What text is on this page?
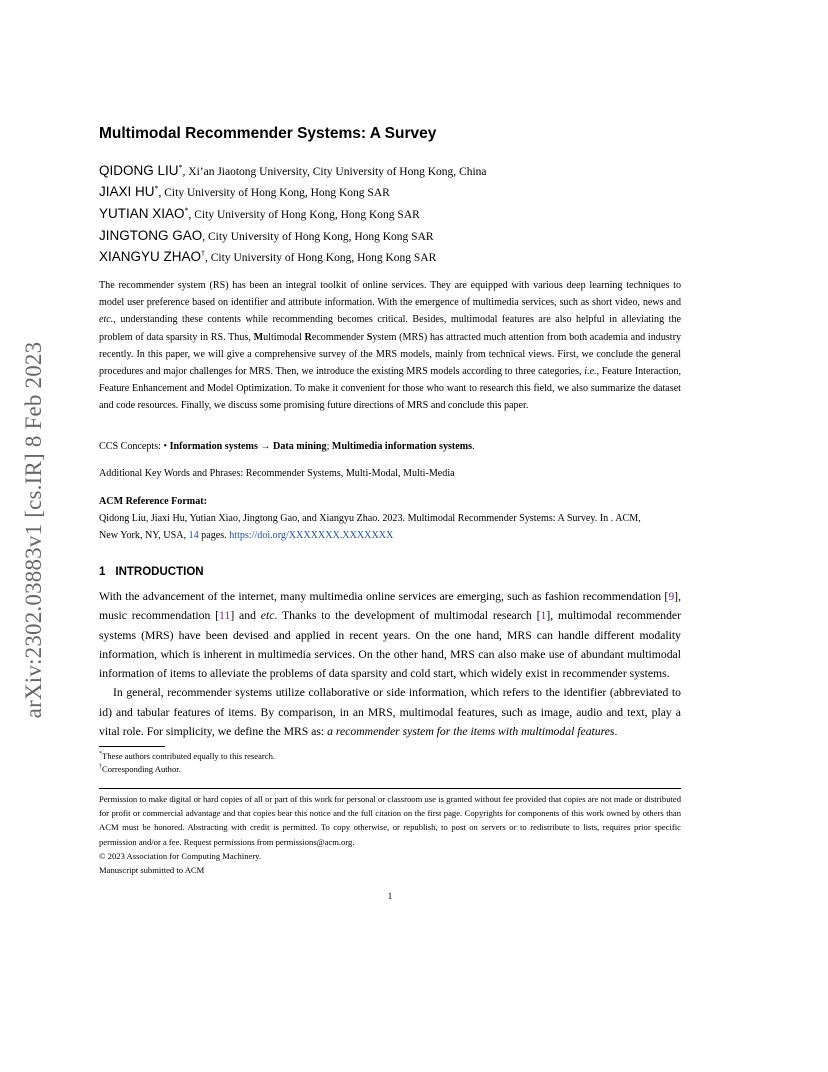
arXiv:2302.03883v1 [cs.IR] 8 Feb 2023
Multimodal Recommender Systems: A Survey
QIDONG LIU*, Xi’an Jiaotong University, City University of Hong Kong, China
JIAXI HU*, City University of Hong Kong, Hong Kong SAR
YUTIAN XIAO*, City University of Hong Kong, Hong Kong SAR
JINGTONG GAO, City University of Hong Kong, Hong Kong SAR
XIANGYU ZHAO†, City University of Hong Kong, Hong Kong SAR
The recommender system (RS) has been an integral toolkit of online services. They are equipped with various deep learning techniques to model user preference based on identifier and attribute information. With the emergence of multimedia services, such as short video, news and etc., understanding these contents while recommending becomes critical. Besides, multimodal features are also helpful in alleviating the problem of data sparsity in RS. Thus, Multimodal Recommender System (MRS) has attracted much attention from both academia and industry recently. In this paper, we will give a comprehensive survey of the MRS models, mainly from technical views. First, we conclude the general procedures and major challenges for MRS. Then, we introduce the existing MRS models according to three categories, i.e., Feature Interaction, Feature Enhancement and Model Optimization. To make it convenient for those who want to research this field, we also summarize the dataset and code resources. Finally, we discuss some promising future directions of MRS and conclude this paper.
CCS Concepts: • Information systems → Data mining; Multimedia information systems.
Additional Key Words and Phrases: Recommender Systems, Multi-Modal, Multi-Media
ACM Reference Format:
Qidong Liu, Jiaxi Hu, Yutian Xiao, Jingtong Gao, and Xiangyu Zhao. 2023. Multimodal Recommender Systems: A Survey. In . ACM,
New York, NY, USA, 14 pages. https://doi.org/XXXXXXX.XXXXXXX
1 INTRODUCTION

With the advancement of the internet, many multimedia online services are emerging, such as fashion recommendation [9], music recommendation [11] and etc. Thanks to the development of multimodal research [1], multimodal recommender systems (MRS) have been devised and applied in recent years. On the one hand, MRS can handle different modality information, which is inherent in multimedia services. On the other hand, MRS can also make use of abundant multimodal information of items to alleviate the problems of data sparsity and cold start, which widely exist in recommender systems.

In general, recommender systems utilize collaborative or side information, which refers to the identifier (abbreviated to id) and tabular features of items. By comparison, in an MRS, multimodal features, such as image, audio and text, play a vital role. For simplicity, we define the MRS as: a recommender system for the items with multimodal features.

*These authors contributed equally to this research.
†Corresponding Author.
Permission to make digital or hard copies of all or part of this work for personal or classroom use is granted without fee provided that copies are not made or distributed for profit or commercial advantage and that copies bear this notice and the full citation on the first page. Copyrights for components of this work owned by others than ACM must be honored. Abstracting with credit is permitted. To copy otherwise, or republish, to post on servers or to redistribute to lists, requires prior specific permission and/or a fee. Request permissions from permissions@acm.org.
© 2023 Association for Computing Machinery.
Manuscript submitted to ACM
1
